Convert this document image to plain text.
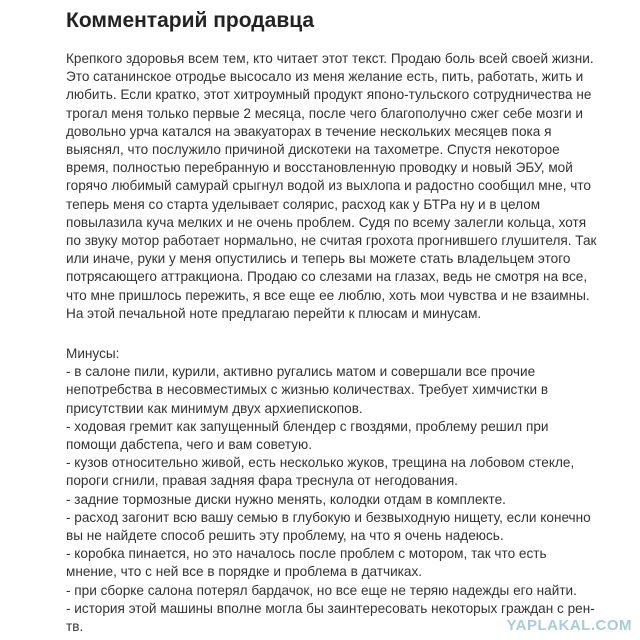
Комментарий продавца

Крепкого здоровья всем тем, кто читает этот текст. Продаю боль всей своей жизни. Это сатанинское отродье высосало из меня желание есть, пить, работать, жить и любить. Если кратко, этот хитроумный продукт японо-тульского сотрудничества не трогал меня только первые 2 месяца, после чего благополучно сжег себе мозги и довольно урча катался на эвакуаторах в течение нескольких месяцев пока я выяснял, что послужило причиной дискотеки на тахометре. Спустя некоторое время, полностью перебранную и восстановленную проводку и новый ЭБУ, мой горячо любимый самурай срыгнул водой из выхлопа и радостно сообщил мне, что теперь меня со старта уделывает солярис, расход как у БТРа ну и в целом повылазила куча мелких и не очень проблем. Судя по всему залегли кольца, хотя по звуку мотор работает нормально, не считая грохота прогнившего глушителя. Так или иначе, руки у меня опустились и теперь вы можете стать владельцем этого потрясающего аттракциона. Продаю со слезами на глазах, ведь не смотря на все, что мне пришлось пережить, я все еще ее люблю, хоть мои чувства и не взаимны. На этой печальной ноте предлагаю перейти к плюсам и минусам.

Минусы:

- в салоне пили, курили, активно ругались матом и совершали все прочие непотребства в несовместимых с жизнью количествах. Требует химчистки в присутствии как минимум двух архиепископов.
- ходовая гремит как запущенный блендер с гвоздями, проблему решил при помощи дабстепа, чего и вам советую.
- кузов относительно живой, есть несколько жуков, трещина на лобовом стекле, пороги сгнили, правая задняя фара треснула от негодования.
- задние тормозные диски нужно менять, колодки отдам в комплекте.
- расход загонит всю вашу семью в глубокую и безвыходную нищету, если конечно вы не найдете способ решить эту проблему, на что я очень надеюсь.
- коробка пинается, но это началось после проблем с мотором, так что есть мнение, что с ней все в порядке и проблема в датчиках.
- при сборке салона потерял бардачок, но все еще не теряю надежды его найти.
- история этой машины вполне могла бы заинтересовать некоторых граждан с рен-тв.	YAPLAKAL.COM
